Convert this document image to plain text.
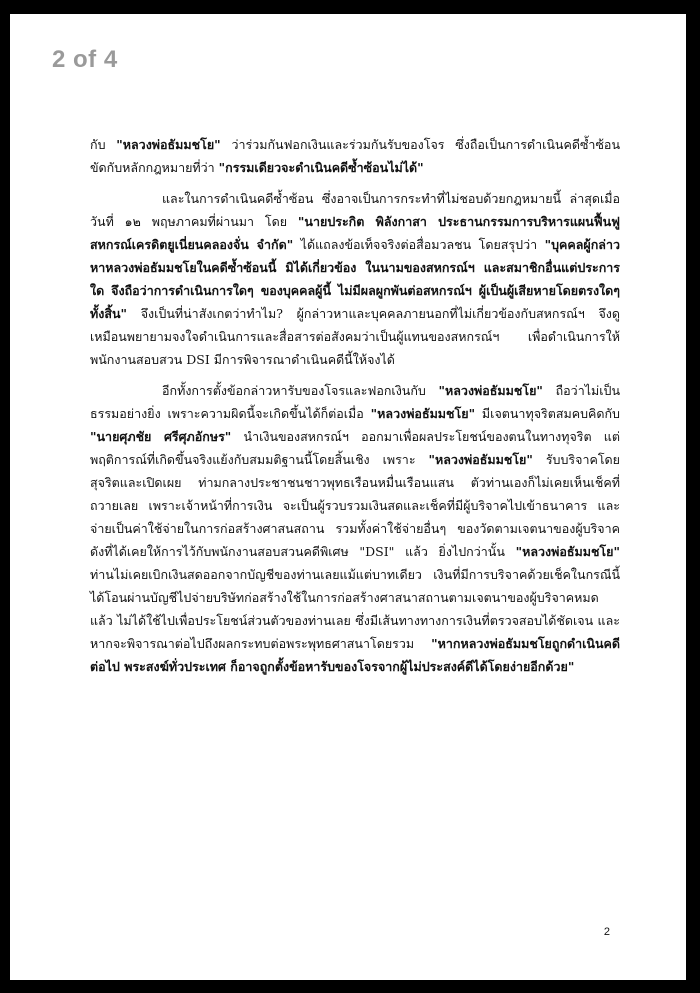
2 of 4

กับ "หลวงพ่อธัมมชโย" ว่าร่วมกันฟอกเงินและร่วมกันรับของโจร ซึ่งถือเป็นการดำเนินคดีซ้ำซ้อน ขัดกับหลักกฎหมายที่ว่า "กรรมเดียวจะดำเนินคดีซ้ำซ้อนไม่ได้"

และในการดำเนินคดีซ้ำซ้อน ซึ่งอาจเป็นการกระทำที่ไม่ชอบด้วยกฎหมายนี้ ล่าสุดเมื่อวันที่ ๑๒ พฤษภาคมที่ผ่านมา โดย "นายประกิต พิลังกาสา ประธานกรรมการบริหารแผนฟื้นฟูสหกรณ์เครดิตยูเนี่ยนคลองจั่น จำกัด" ได้แถลงข้อเท็จจริงต่อสื่อมวลชน โดยสรุปว่า "บุคคลผู้กล่าวหาหลวงพ่อธัมมชโยในคดีซ้ำซ้อนนี้ มิได้เกี่ยวข้อง ในนามของสหกรณ์ฯ และสมาชิกอื่นแต่ประการใด จึงถือว่าการดำเนินการใดๆ ของบุคคลผู้นี้ ไม่มีผลผูกพันต่อสหกรณ์ฯ ผู้เป็นผู้เสียหายโดยตรงใดๆ ทั้งสิ้น" จึงเป็นที่น่าสังเกตว่าทำไม? ผู้กล่าวหาและบุคคลภายนอกที่ไม่เกี่ยวข้องกับสหกรณ์ฯ จึงดูเหมือนพยายามจงใจดำเนินการและสื่อสารต่อสังคมว่าเป็นผู้แทนของสหกรณ์ฯ เพื่อดำเนินการให้พนักงานสอบสวน DSI มีการพิจารณาดำเนินคดีนี้ให้จงได้

อีกทั้งการตั้งข้อกล่าวหารับของโจรและฟอกเงินกับ "หลวงพ่อธัมมชโย" ถือว่าไม่เป็นธรรมอย่างยิ่ง เพราะความผิดนี้จะเกิดขึ้นได้ก็ต่อเมื่อ "หลวงพ่อธัมมชโย" มีเจตนาทุจริตสมคบคิดกับ "นายศุภชัย ศรีศุภอักษร" นำเงินของสหกรณ์ฯ ออกมาเพื่อผลประโยชน์ของตนในทางทุจริต แต่พฤติการณ์ที่เกิดขึ้นจริงแย้งกับสมมติฐานนี้โดยสิ้นเชิง เพราะ "หลวงพ่อธัมมชโย" รับบริจาคโดยสุจริตและเปิดเผย ท่ามกลางประชาชนชาวพุทธเรือนหมื่นเรือนแสน ตัวท่านเองก็ไม่เคยเห็นเช็คที่ถวายเลย เพราะเจ้าหน้าที่การเงิน จะเป็นผู้รวบรวมเงินสดและเช็คที่มีผู้บริจาคไปเข้าธนาคาร และจ่ายเป็นค่าใช้จ่ายในการก่อสร้างศาสนสถาน รวมทั้งค่าใช้จ่ายอื่นๆ ของวัดตามเจตนาของผู้บริจาค ดังที่ได้เคยให้การไว้กับพนักงานสอบสวนคดีพิเศษ "DSI" แล้ว ยิ่งไปกว่านั้น "หลวงพ่อธัมมชโย" ท่านไม่เคยเบิกเงินสดออกจากบัญชีของท่านเลยแม้แต่บาทเดียว เงินที่มีการบริจาคด้วยเช็คในกรณีนี้ ได้โอนผ่านบัญชีไปจ่ายบริษัทก่อสร้างใช้ในการก่อสร้างศาสนาสถานตามเจตนาของผู้บริจาคหมดแล้ว ไม่ได้ใช้ไปเพื่อประโยชน์ส่วนตัวของท่านเลย ซึ่งมีเส้นทางทางการเงินที่ตรวจสอบได้ชัดเจน และหากจะพิจารณาต่อไปถึงผลกระทบต่อพระพุทธศาสนาโดยรวม "หากหลวงพ่อธัมมชโยถูกดำเนินคดีต่อไป พระสงฆ์ทั่วประเทศ ก็อาจถูกตั้งข้อหารับของโจรจากผู้ไม่ประสงค์ดีได้โดยง่ายอีกด้วย"

2
